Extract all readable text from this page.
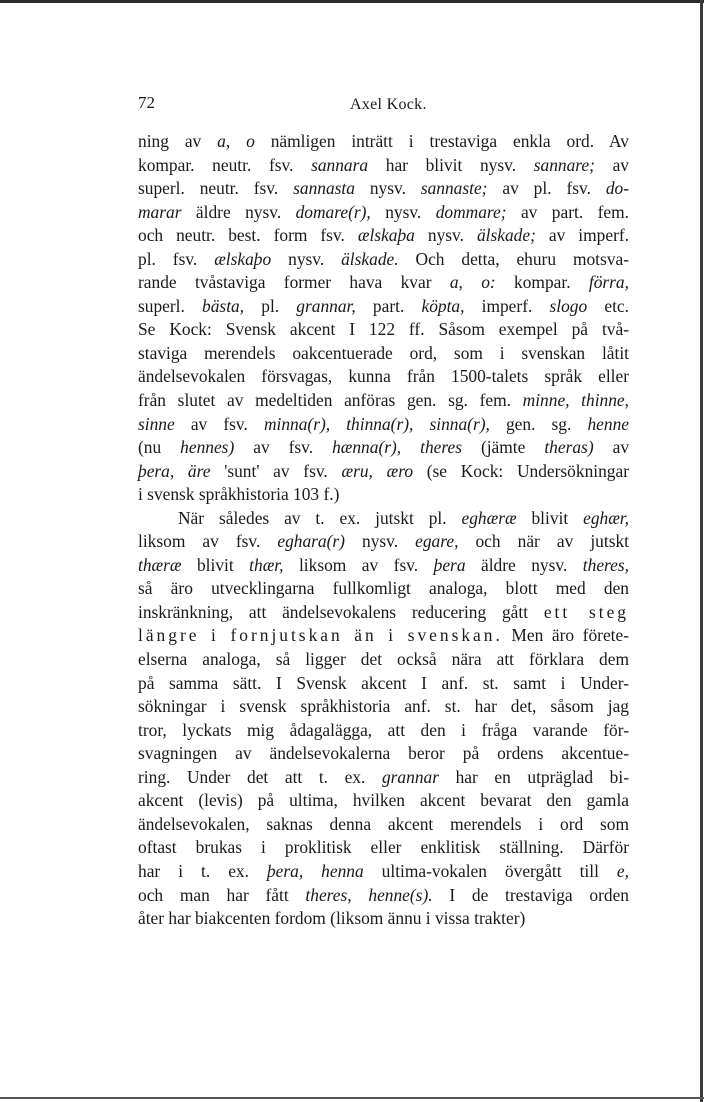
72	Axel Kock.
ning av a, o nämligen inträtt i trestaviga enkla ord. Av
kompar. neutr. fsv. sannara har blivit nysv. sannare; av
superl. neutr. fsv. sannasta nysv. sannaste; av pl. fsv. do-
marar äldre nysv. domare(r), nysv. dommare; av part. fem.
och neutr. best. form fsv. ælskaþa nysv. älskade; av imperf.
pl. fsv. ælskaþo nysv. älskade. Och detta, ehuru motsva-
rande tvåstaviga former hava kvar a, o: kompar. förra,
superl. bästa, pl. grannar, part. köpta, imperf. slogo etc.
Se Kock: Svensk akcent I 122 ff. Såsom exempel på två-
staviga merendels oakcentuerade ord, som i svenskan låtit
ändelsevokalen försvagas, kunna från 1500-talets språk eller
från slutet av medeltiden anföras gen. sg. fem. minne, thinne,
sinne av fsv. minna(r), thinna(r), sinna(r), gen. sg. henne
(nu hennes) av fsv. hænna(r), theres (jämte theras) av
þera, äre 'sunt' av fsv. æru, æro (se Kock: Undersökningar
i svensk språkhistoria 103 f.)
När således av t. ex. jutskt pl. eghæræ blivit eghær,
liksom av fsv. eghara(r) nysv. egare, och när av jutskt
thæræ blivit thær, liksom av fsv. þera äldre nysv. theres,
så äro utvecklingarna fullkomligt analoga, blott med den
inskränkning, att ändelsevokalens reducering gått ett steg
längre i fornjutskan än i svenskan. Men äro förete-
elserna analoga, så ligger det också nära att förklara dem
på samma sätt. I Svensk akcent I anf. st. samt i Under-
sökningar i svensk språkhistoria anf. st. har det, såsom jag
tror, lyckats mig ådagalägga, att den i fråga varande för-
svagningen av ändelsevokalerna beror på ordens akcentue-
ring. Under det att t. ex. grannar har en utpräglad bi-
akcent (levis) på ultima, hvilken akcent bevarat den gamla
ändelsevokalen, saknas denna akcent merendels i ord som
oftast brukas i proklitisk eller enklitisk ställning. Därför
har i t. ex. þera, henna ultima-vokalen övergått till e,
och man har fått theres, henne(s). I de trestaviga orden
åter har biakcenten fordom (liksom ännu i vissa trakter)
